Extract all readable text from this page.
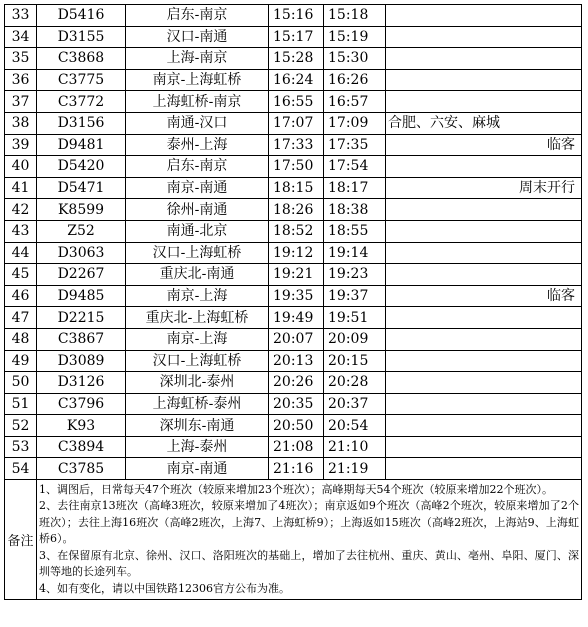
33	D5416	启东-南京	15:16	15:18	
34	D3155	汉口-南通	15:17	15:19	
35	C3868	上海-南京	15:28	15:30	
36	C3775	南京-上海虹桥	16:24	16:26	
37	C3772	上海虹桥-南京	16:55	16:57	
38	D3156	南通-汉口	17:07	17:09	合肥、六安、麻城
39	D9481	泰州-上海	17:33	17:35	临客
40	D5420	启东-南京	17:50	17:54	
41	D5471	南京-南通	18:15	18:17	周末开行
42	K8599	徐州-南通	18:26	18:38	
43	Z52	南通-北京	18:52	18:55	
44	D3063	汉口-上海虹桥	19:12	19:14	
45	D2267	重庆北-南通	19:21	19:23	
46	D9485	南京-上海	19:35	19:37	临客
47	D2215	重庆北-上海虹桥	19:49	19:51	
48	C3867	南京-上海	20:07	20:09	
49	D3089	汉口-上海虹桥	20:13	20:15	
50	D3126	深圳北-泰州	20:26	20:28	
51	C3796	上海虹桥-泰州	20:35	20:37	
52	K93	深圳东-南通	20:50	20:54	
53	C3894	上海-泰州	21:08	21:10	
54	C3785	南京-南通	21:16	21:19	
备注	1、调图后，日常每天47个班次（较原来增加23个班次）；高峰期每天54个班次（较原来增加22个班次）。

2、去往南京13班次（高峰3班次，较原来增加了4班次）；南京返如9个班次（高峰2个班次，较原来增加了2个班次）；去往上海16班次（高峰2班次，上海7、上海虹桥9）；上海返如15班次（高峰2班次，上海站9、上海虹桥6）。

3、在保留原有北京、徐州、汉口、洛阳班次的基础上，增加了去往杭州、重庆、黄山、亳州、阜阳、厦门、深圳等地的长途列车。

4、如有变化，请以中国铁路12306官方公布为准。				
